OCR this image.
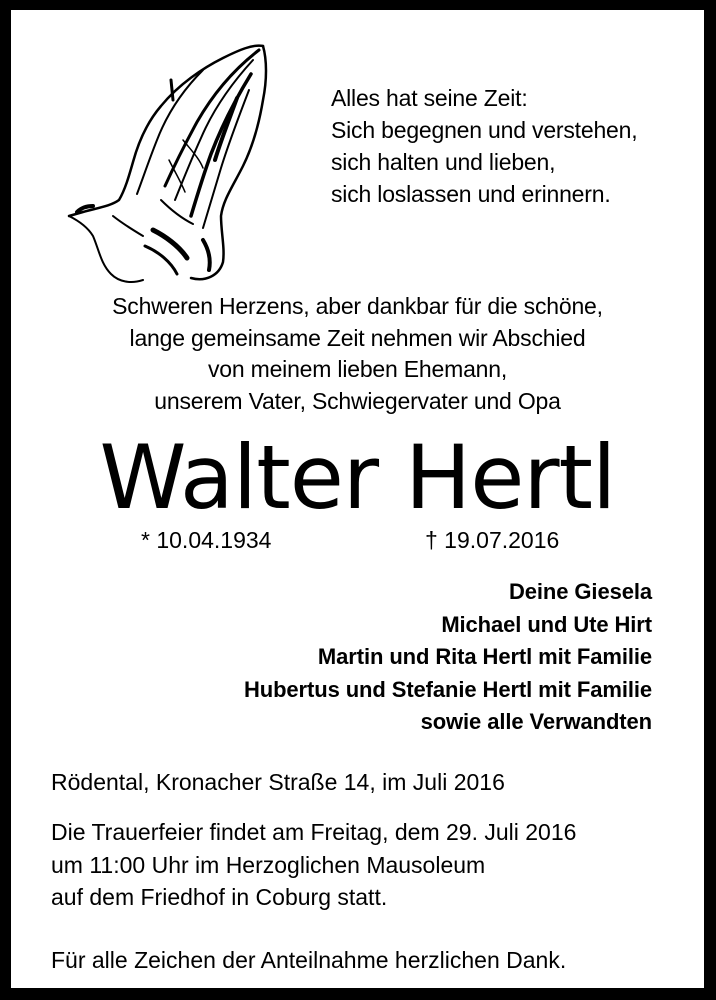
Alles hat seine Zeit:
Sich begegnen und verstehen,
sich halten und lieben,
sich loslassen und erinnern.
Schweren Herzens, aber dankbar für die schöne,
lange gemeinsame Zeit nehmen wir Abschied
von meinem lieben Ehemann,
unserem Vater, Schwiegervater und Opa
Walter Hertl
* 10.04.1934	† 19.07.2016
Deine Giesela
Michael und Ute Hirt
Martin und Rita Hertl mit Familie
Hubertus und Stefanie Hertl mit Familie
sowie alle Verwandten
Rödental, Kronacher Straße 14, im Juli 2016
Die Trauerfeier findet am Freitag, dem 29. Juli 2016
um 11:00 Uhr im Herzoglichen Mausoleum
auf dem Friedhof in Coburg statt.
Für alle Zeichen der Anteilnahme herzlichen Dank.
